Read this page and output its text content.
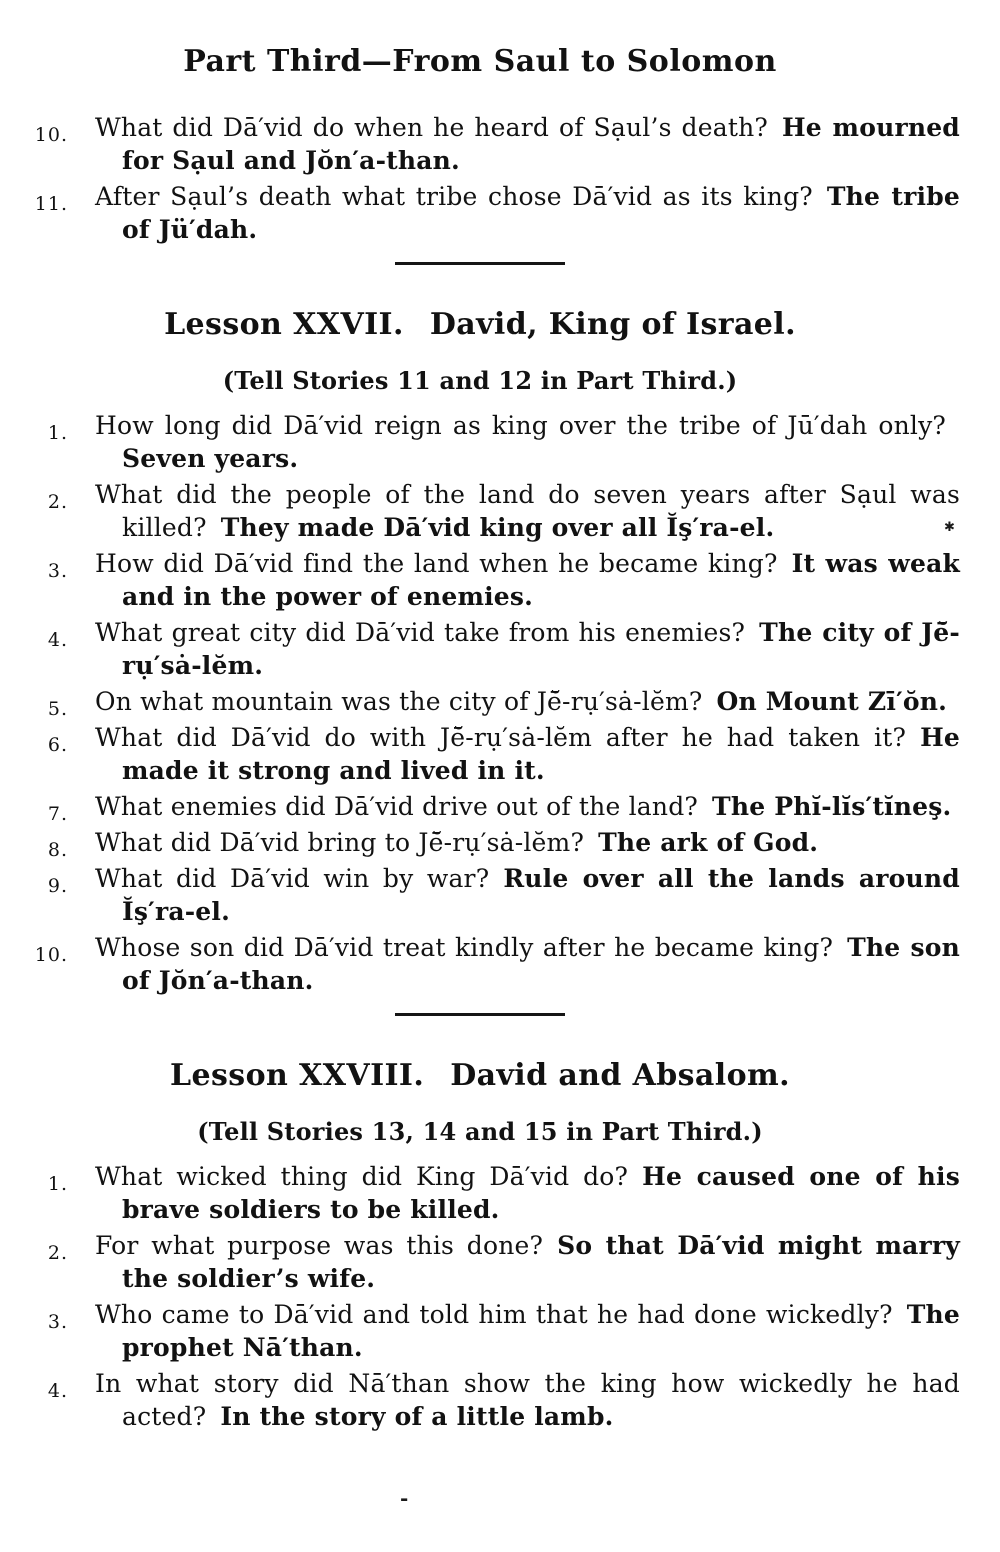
Part Third—From Saul to Solomon
10. What did Dā′vid do when he heard of Sạul’s death? He mourned for Sạul and Jŏn′a-than.
11. After Sạul’s death what tribe chose Dā′vid as its king? The tribe of Jü′dah.
Lesson XXVII. David, King of Israel.
(Tell Stories 11 and 12 in Part Third.)
1. How long did Dā′vid reign as king over the tribe of Jū′dah only?Seven years.
2. What did the people of the land do seven years after Sạul was killed? They made Dā′vid king over all Ĭş′ra-el.
3. How did Dā′vid find the land when he became king? It was weak and in the power of enemies.
4. What great city did Dā′vid take from his enemies? The city of Jē̆-rụ′sȧ-lĕm.
5. On what mountain was the city of Jē̆-rụ′sȧ-lĕm? On Mount Zī′ŏn.
6. What did Dā′vid do with Jē̆-rụ′sȧ-lĕm after he had taken it? He made it strong and lived in it.
7. What enemies did Dā′vid drive out of the land? The Phĭ-lĭs′tĭneş.
8. What did Dā′vid bring to Jē̆-rụ′sȧ-lĕm? The ark of God.
9. What did Dā′vid win by war? Rule over all the lands around Ĭş′ra-el.
10. Whose son did Dā′vid treat kindly after he became king? The son of Jŏn′a-than.
Lesson XXVIII. David and Absalom.
(Tell Stories 13, 14 and 15 in Part Third.)
1. What wicked thing did King Dā′vid do? He caused one of his brave soldiers to be killed.
2. For what purpose was this done? So that Dā′vid might marry the soldier’s wife.
3. Who came to Dā′vid and told him that he had done wickedly? The prophet Nā′than.
4. In what story did Nā′than show the king how wickedly he had acted? In the story of a little lamb.
✱
-
